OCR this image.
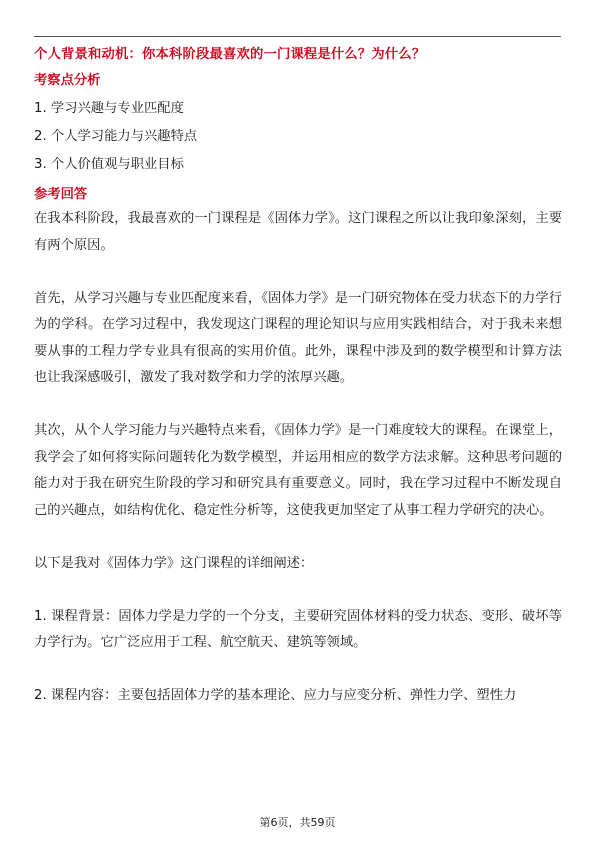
个人背景和动机：你本科阶段最喜欢的一门课程是什么？为什么？
考察点分析
1. 学习兴趣与专业匹配度
2. 个人学习能力与兴趣特点
3. 个人价值观与职业目标
参考回答
在我本科阶段，我最喜欢的一门课程是《固体力学》。这门课程之所以让我印象深刻，主要有两个原因。
首先，从学习兴趣与专业匹配度来看，《固体力学》是一门研究物体在受力状态下的力学行为的学科。在学习过程中，我发现这门课程的理论知识与应用实践相结合，对于我未来想要从事的工程力学专业具有很高的实用价值。此外，课程中涉及到的数学模型和计算方法也让我深感吸引，激发了我对数学和力学的浓厚兴趣。
其次，从个人学习能力与兴趣特点来看，《固体力学》是一门难度较大的课程。在课堂上，我学会了如何将实际问题转化为数学模型，并运用相应的数学方法求解。这种思考问题的能力对于我在研究生阶段的学习和研究具有重要意义。同时，我在学习过程中不断发现自己的兴趣点，如结构优化、稳定性分析等，这使我更加坚定了从事工程力学研究的决心。
以下是我对《固体力学》这门课程的详细阐述：
1. 课程背景：固体力学是力学的一个分支，主要研究固体材料的受力状态、变形、破坏等力学行为。它广泛应用于工程、航空航天、建筑等领域。
2. 课程内容：主要包括固体力学的基本理论、应力与应变分析、弹性力学、塑性力
第6页，共59页
